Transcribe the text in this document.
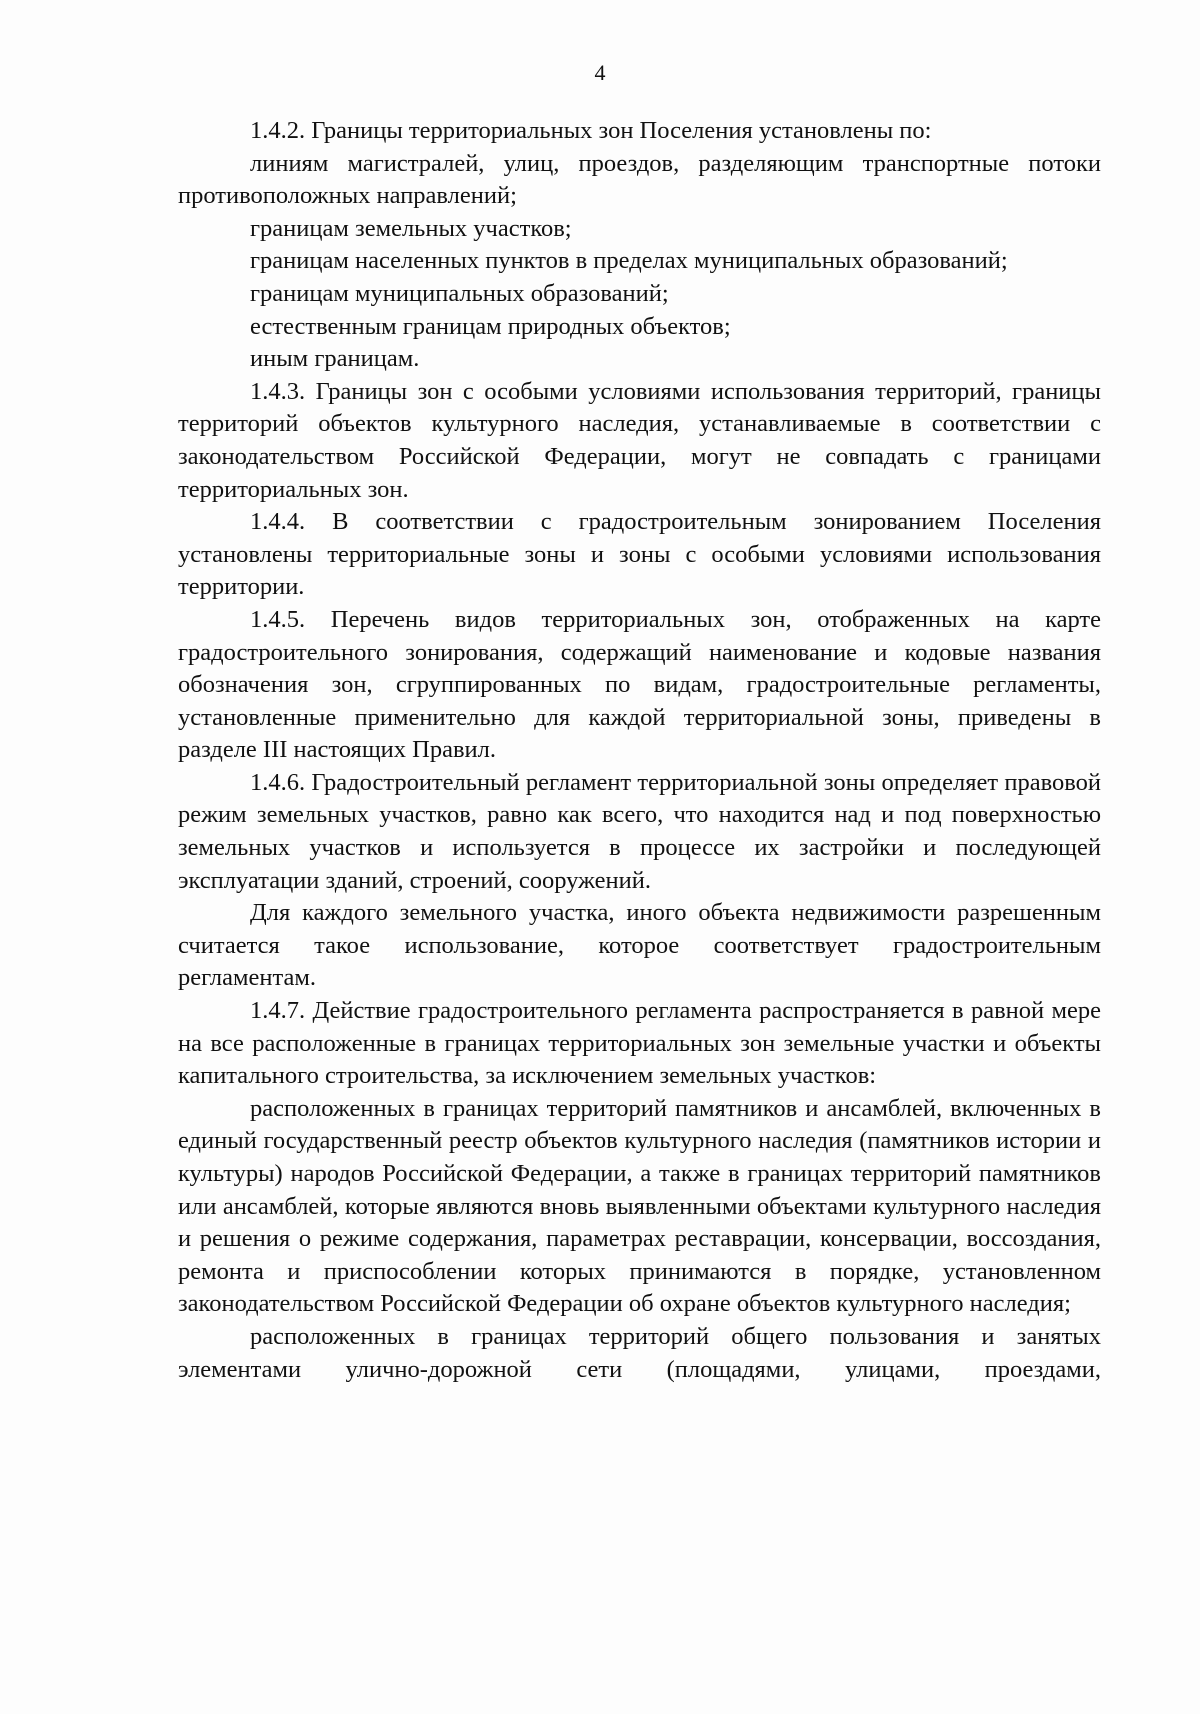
4

1.4.2. Границы территориальных зон Поселения установлены по:

линиям магистралей, улиц, проездов, разделяющим транспортные потоки противоположных направлений;

границам земельных участков;

границам населенных пунктов в пределах муниципальных образований;

границам муниципальных образований;

естественным границам природных объектов;

иным границам.

1.4.3. Границы зон с особыми условиями использования территорий, границы территорий объектов культурного наследия, устанавливаемые в соответствии с законодательством Российской Федерации, могут не совпадать с границами территориальных зон.

1.4.4. В соответствии с градостроительным зонированием Поселения установлены территориальные зоны и зоны с особыми условиями использования территории.

1.4.5. Перечень видов территориальных зон, отображенных на карте градостроительного зонирования, содержащий наименование и кодовые названия обозначения зон, сгруппированных по видам, градостроительные регламенты, установленные применительно для каждой территориальной зоны, приведены в разделе III настоящих Правил.

1.4.6. Градостроительный регламент территориальной зоны определяет правовой режим земельных участков, равно как всего, что находится над и под поверхностью земельных участков и используется в процессе их застройки и последующей эксплуатации зданий, строений, сооружений.

Для каждого земельного участка, иного объекта недвижимости разрешенным считается такое использование, которое соответствует градостроительным регламентам.

1.4.7. Действие градостроительного регламента распространяется в равной мере на все расположенные в границах территориальных зон земельные участки и объекты капитального строительства, за исключением земельных участков:

расположенных в границах территорий памятников и ансамблей, включенных в единый государственный реестр объектов культурного наследия (памятников истории и культуры) народов Российской Федерации, а также в границах территорий памятников или ансамблей, которые являются вновь выявленными объектами культурного наследия и решения о режиме содержания, параметрах реставрации, консервации, воссоздания, ремонта и приспособлении которых принимаются в порядке, установленном законодательством Российской Федерации об охране объектов культурного наследия;

расположенных в границах территорий общего пользования и занятых элементами улично-дорожной сети (площадями, улицами, проездами,
